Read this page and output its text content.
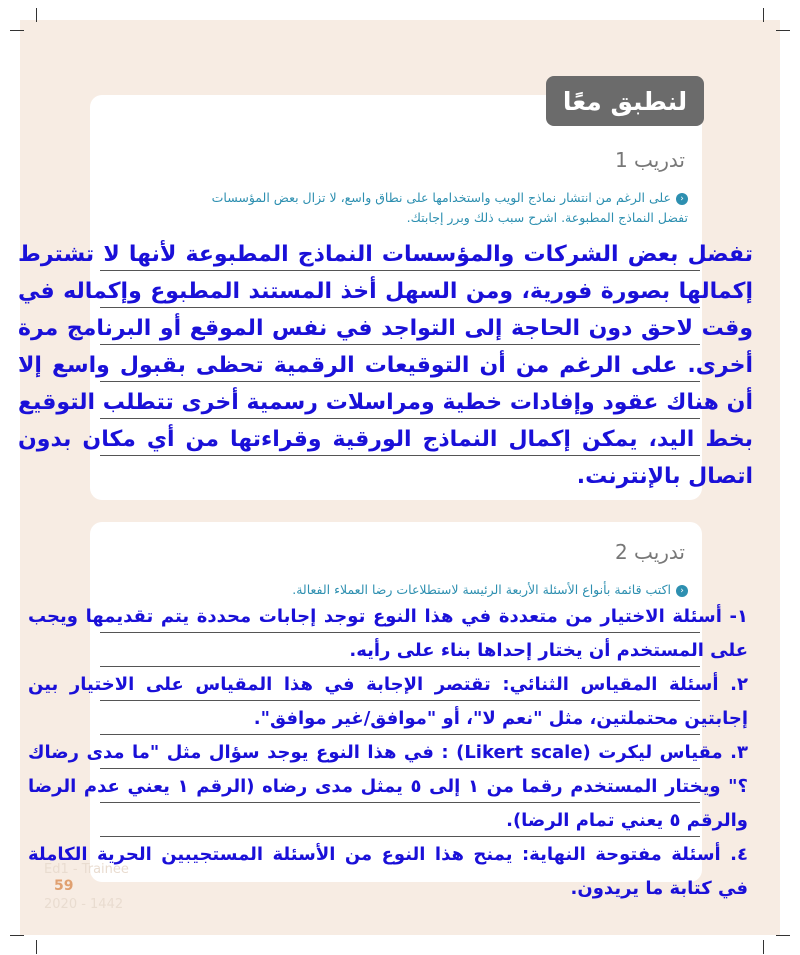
لنطبق معًا
تدريب 1
‹على الرغم من انتشار نماذج الويب واستخدامها على نطاق واسع، لا تزال بعض المؤسسات
تفضل النماذج المطبوعة. اشرح سبب ذلك وبرر إجابتك.

تفضل بعض الشركات والمؤسسات النماذج المطبوعة لأنها لا تشترط إكمالها بصورة فورية، ومن السهل أخذ المستند المطبوع وإكماله في وقت لاحق دون الحاجة إلى التواجد في نفس الموقع أو البرنامج مرة أخرى. على الرغم من أن التوقيعات الرقمية تحظى بقبول واسع إلا أن هناك عقود وإفادات خطية ومراسلات رسمية أخرى تتطلب التوقيع بخط اليد، يمكن إكمال النماذج الورقية وقراءتها من أي مكان بدون اتصال بالإنترنت.

تدريب 2
‹اكتب قائمة بأنواع الأسئلة الأربعة الرئيسة لاستطلاعات رضا العملاء الفعالة.

١- أسئلة الاختيار من متعددة في هذا النوع توجد إجابات محددة يتم تقديمها ويجب على المستخدم أن يختار إحداها بناء على رأيه.

٢. أسئلة المقياس الثنائي: تقتصر الإجابة في هذا المقياس على الاختيار بين إجابتين محتملتين، مثل "نعم لا"، أو "موافق/غير موافق".

٣. مقياس ليكرت (Likert scale) : في هذا النوع يوجد سؤال مثل "ما مدى رضاك ؟" ويختار المستخدم رقما من ١ إلى ٥ يمثل مدى رضاه (الرقم ١ يعني عدم الرضا والرقم ٥ يعني تمام الرضا).

٤. أسئلة مفتوحة النهاية: يمنح هذا النوع من الأسئلة المستجيبين الحرية الكاملة في كتابة ما يريدون.

Ed1 - Trainee
59
2020 - 1442
